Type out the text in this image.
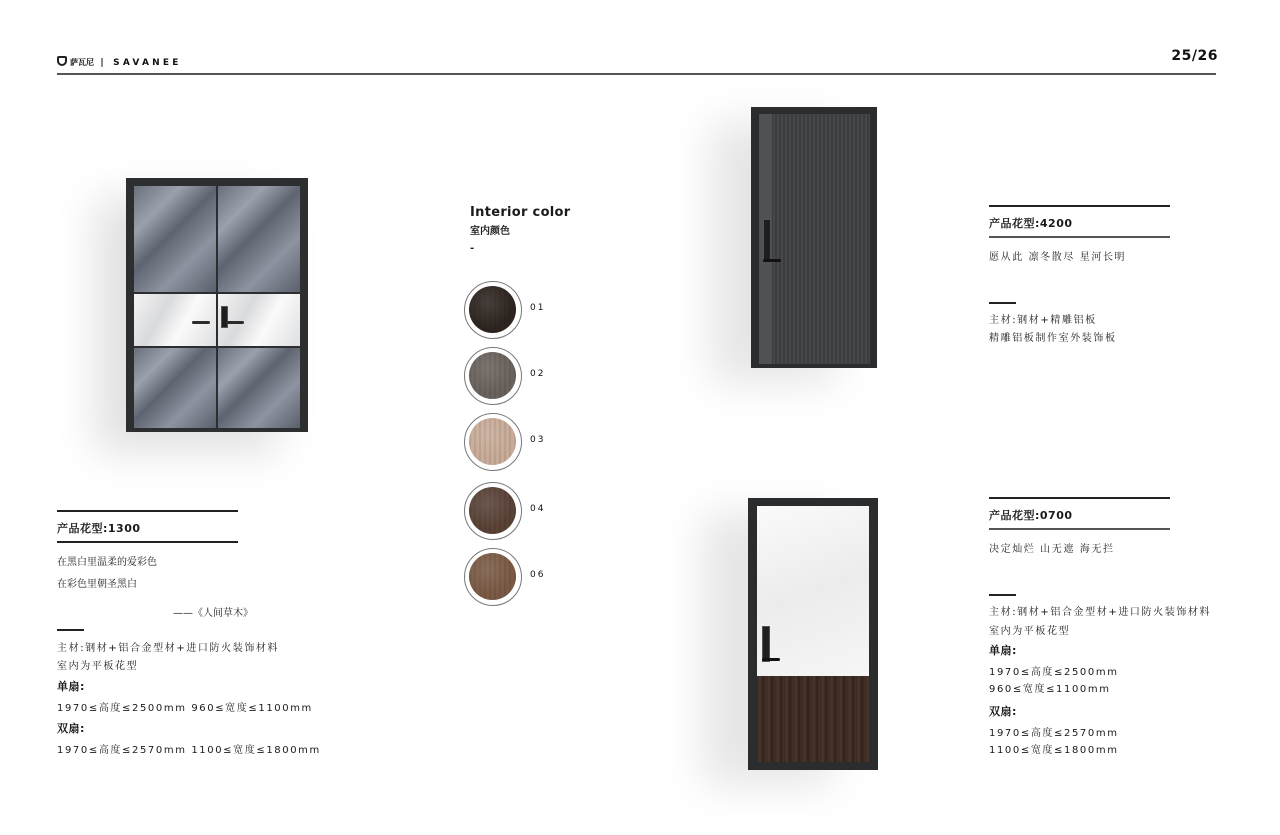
萨瓦尼 | SAVANEE	25/26
产品花型:1300
在黑白里温柔的爱彩色
在彩色里朝圣黑白
——《人间草木》
主材:钢材+铝合金型材+进口防火装饰材料
室内为平板花型
单扇:
1970≤高度≤2500mm 960≤宽度≤1100mm
双扇:
1970≤高度≤2570mm 1100≤宽度≤1800mm
Interior color
室内颜色
-
01
02
03
04
06
产品花型:4200
愿从此 凛冬散尽 星河长明
主材:钢材+精雕铝板
精雕铝板制作室外装饰板
产品花型:0700
决定灿烂 山无遮 海无拦
主材:钢材+铝合金型材+进口防火装饰材料
室内为平板花型
单扇:
1970≤高度≤2500mm
960≤宽度≤1100mm
双扇:
1970≤高度≤2570mm
1100≤宽度≤1800mm
